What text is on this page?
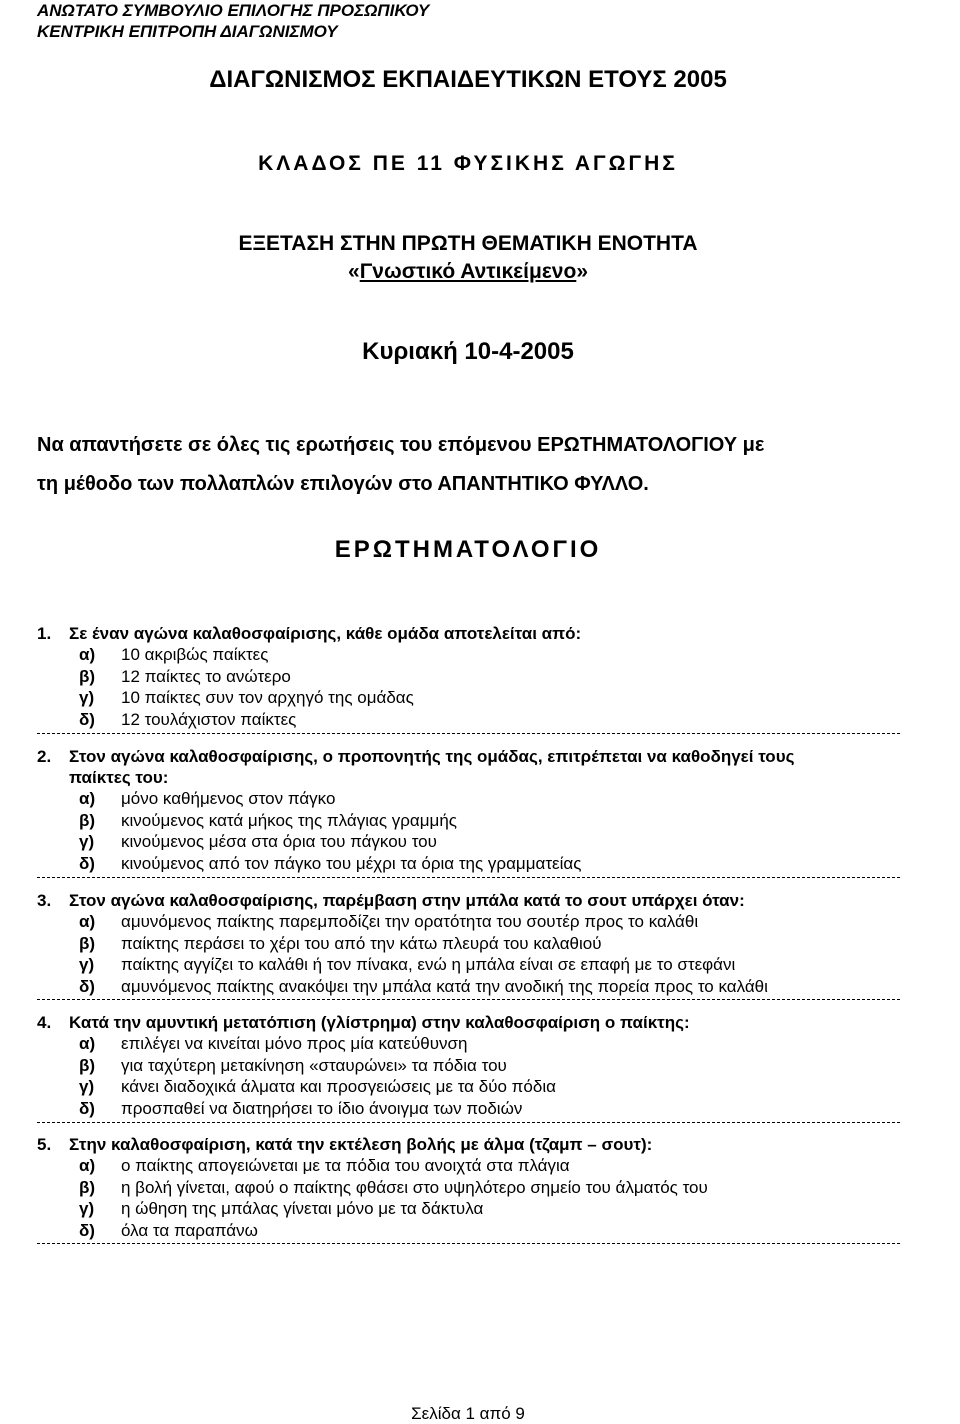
ΑΝΩΤΑΤΟ ΣΥΜΒΟΥΛΙΟ ΕΠΙΛΟΓΗΣ ΠΡΟΣΩΠΙΚΟΥ
ΚΕΝΤΡΙΚΗ ΕΠΙΤΡΟΠΗ ΔΙΑΓΩΝΙΣΜΟΥ
ΔΙΑΓΩΝΙΣΜΟΣ ΕΚΠΑΙΔΕΥΤΙΚΩΝ ΕΤΟΥΣ 2005
ΚΛΑΔΟΣ ΠΕ 11 ΦΥΣΙΚΗΣ ΑΓΩΓΗΣ
ΕΞΕΤΑΣΗ ΣΤΗΝ ΠΡΩΤΗ ΘΕΜΑΤΙΚΗ ΕΝΟΤΗΤΑ
«Γνωστικό Αντικείμενο»
Κυριακή 10-4-2005
Να απαντήσετε σε όλες τις ερωτήσεις του επόμενου ΕΡΩΤΗΜΑΤΟΛΟΓΙΟΥ με
τη μέθοδο των πολλαπλών επιλογών στο ΑΠΑΝΤΗΤΙΚΟ ΦΥΛΛΟ.
ΕΡΩΤΗΜΑΤΟΛΟΓΙΟ
1. Σε έναν αγώνα καλαθοσφαίρισης, κάθε ομάδα αποτελείται από:
α) 10 ακριβώς παίκτες
β) 12 παίκτες το ανώτερο
γ) 10 παίκτες συν τον αρχηγό της ομάδας
δ) 12 τουλάχιστον παίκτες
2. Στον αγώνα καλαθοσφαίρισης, ο προπονητής της ομάδας, επιτρέπεται να καθοδηγεί τους
παίκτες του:
α) μόνο καθήμενος στον πάγκο
β) κινούμενος κατά μήκος της πλάγιας γραμμής
γ) κινούμενος μέσα στα όρια του πάγκου του
δ) κινούμενος από τον πάγκο του μέχρι τα όρια της γραμματείας
3. Στον αγώνα καλαθοσφαίρισης, παρέμβαση στην μπάλα κατά το σουτ υπάρχει όταν:
α) αμυνόμενος παίκτης παρεμποδίζει την ορατότητα του σουτέρ προς το καλάθι
β) παίκτης περάσει το χέρι του από την κάτω πλευρά του καλαθιού
γ) παίκτης αγγίζει το καλάθι ή τον πίνακα, ενώ η μπάλα είναι σε επαφή με το στεφάνι
δ) αμυνόμενος παίκτης ανακόψει την μπάλα κατά την ανοδική της πορεία προς το καλάθι
4. Κατά την αμυντική μετατόπιση (γλίστρημα) στην καλαθοσφαίριση ο παίκτης:
α) επιλέγει να κινείται μόνο προς μία κατεύθυνση
β) για ταχύτερη μετακίνηση «σταυρώνει» τα πόδια του
γ) κάνει διαδοχικά άλματα και προσγειώσεις με τα δύο πόδια
δ) προσπαθεί να διατηρήσει το ίδιο άνοιγμα των ποδιών
5. Στην καλαθοσφαίριση, κατά την εκτέλεση βολής με άλμα (τζαμπ – σουτ):
α) ο παίκτης απογειώνεται με τα πόδια του ανοιχτά στα πλάγια
β) η βολή γίνεται, αφού ο παίκτης φθάσει στο υψηλότερο σημείο του άλματός του
γ) η ώθηση της μπάλας γίνεται μόνο με τα δάκτυλα
δ) όλα τα παραπάνω
Σελίδα 1 από 9
